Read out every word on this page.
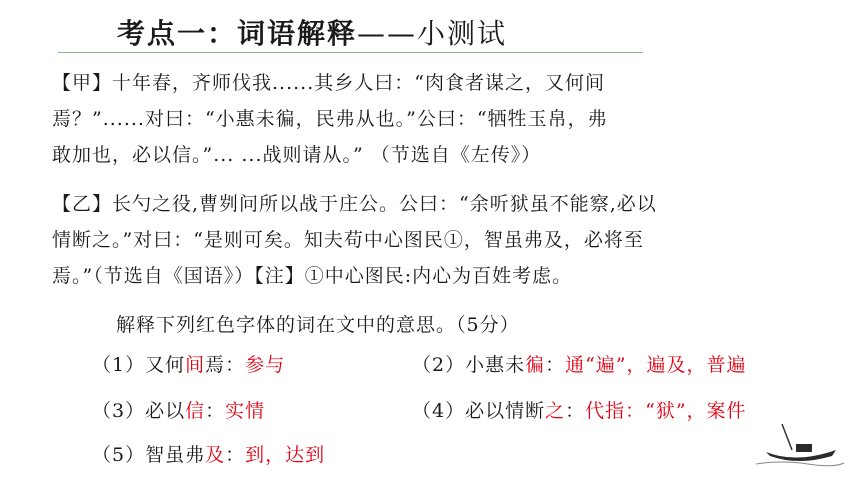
考点一：词语解释——小测试
【甲】十年春，齐师伐我......其乡人曰：“肉食者谋之，又何间
焉？”......对曰：“小惠未徧，民弗从也。”公曰：“牺牲玉帛，弗
敢加也，必以信。”... ...战则请从。” （节选自《左传》）
【乙】长勺之役,曹刿问所以战于庄公。公曰：“余听狱虽不能察,必以
情断之。”对曰：“是则可矣。知夫苟中心图民①，智虽弗及，必将至
焉。”（节选自《国语》）【注】①中心图民:内心为百姓考虑。
解释下列红色字体的词在文中的意思。（5分）
（1）又何间焉：参与	（2）小惠未徧：通“遍”，遍及，普遍
（3）必以信：实情	（4）必以情断之：代指：“狱”，案件
（5）智虽弗及：到，达到
